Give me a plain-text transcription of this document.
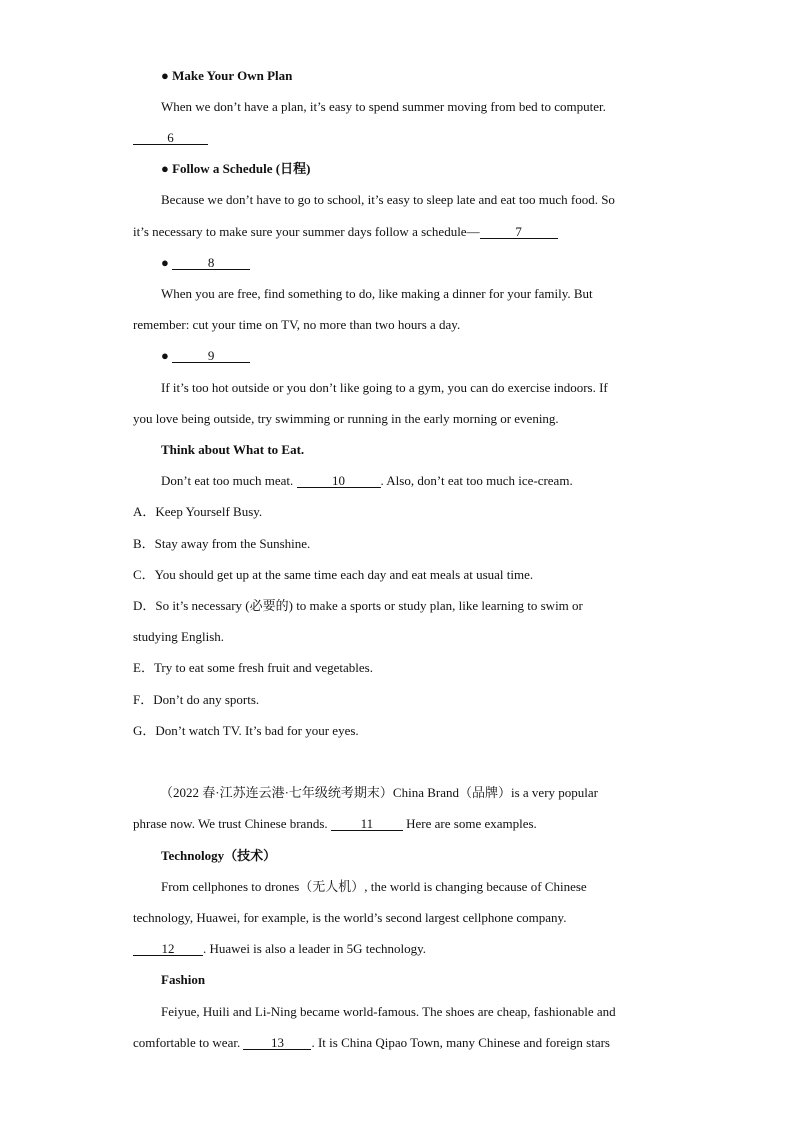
● Make Your Own Plan
When we don’t have a plan, it’s easy to spend summer moving from bed to computer.
6
● Follow a Schedule (日程)
Because we don’t have to go to school, it’s easy to sleep late and eat too much food. So
it’s necessary to make sure your summer days follow a schedule—	7
●	8
When you are free, find something to do, like making a dinner for your family. But
remember: cut your time on TV, no more than two hours a day.
●	9
If it’s too hot outside or you don’t like going to a gym, you can do exercise indoors. If
you love being outside, try swimming or running in the early morning or evening.
Think about What to Eat.
Don’t eat too much meat.	10	. Also, don’t eat too much ice-cream.
A．Keep Yourself Busy.
B．Stay away from the Sunshine.
C．You should get up at the same time each day and eat meals at usual time.
D．So it’s necessary (必要的) to make a sports or study plan, like learning to swim or
studying English.
E．Try to eat some fresh fruit and vegetables.
F．Don’t do any sports.
G．Don’t watch TV. It’s bad for your eyes.
（2022 春·江苏连云港·七年级统考期末）China Brand（品牌）is a very popular
phrase now. We trust Chinese brands.	11	Here are some examples.
Technology（技术）
From cellphones to drones（无人机）, the world is changing because of Chinese
technology, Huawei, for example, is the world’s second largest cellphone company.
12 . Huawei is also a leader in 5G technology.
Fashion
Feiyue, Huili and Li-Ning became world-famous. The shoes are cheap, fashionable and
comfortable to wear. 13 . It is China Qipao Town, many Chinese and foreign stars
